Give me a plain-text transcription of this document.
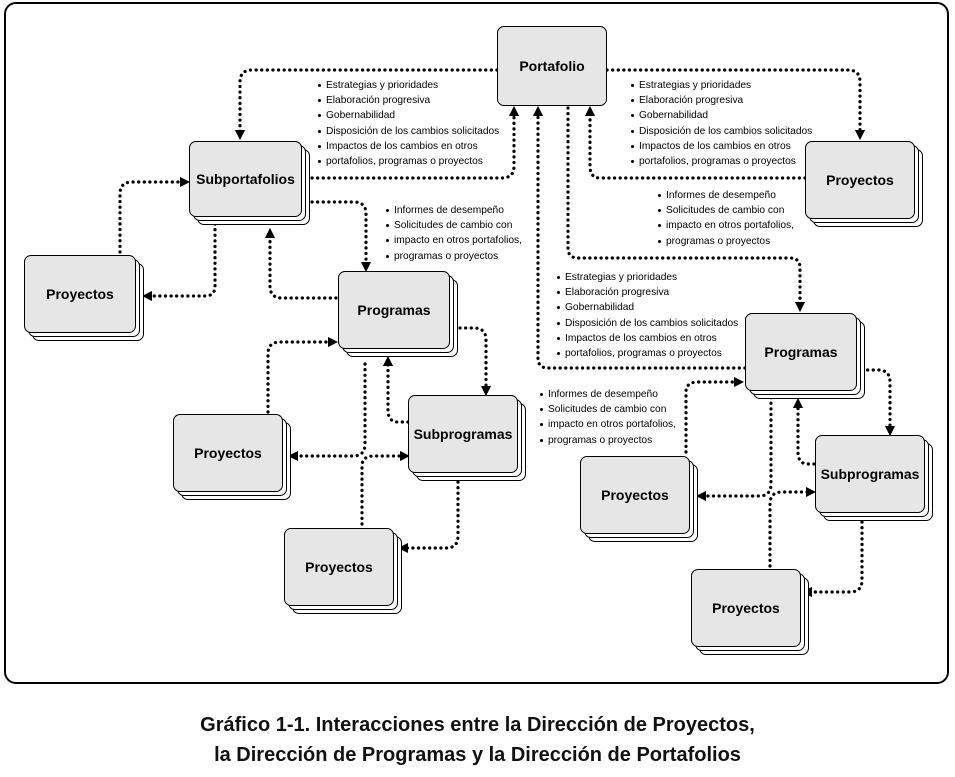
Portafolio
Subportafolios	Proyectos
Proyectos
Programas
Proyectos
Subprogramas
Proyectos
Programas
Proyectos
Subprogramas
Proyectos
Estrategias y prioridades
Elaboración progresiva
Gobernabilidad
Disposición de los cambios solicitados
Impactos de los cambios en otros
portafolios, programas o proyectos
Estrategias y prioridades
Elaboración progresiva
Gobernabilidad
Disposición de los cambios solicitados
Impactos de los cambios en otros
portafolios, programas o proyectos
Informes de desempeño
Solicitudes de cambio con
impacto en otros portafolios,
programas o proyectos
Informes de desempeño
Solicitudes de cambio con
impacto en otros portafolios,
programas o proyectos
Estrategias y prioridades
Elaboración progresiva
Gobernabilidad
Disposición de los cambios solicitados
Impactos de los cambios en otros
portafolios, programas o proyectos
Informes de desempeño
Solicitudes de cambio con
impacto en otros portafolios,
programas o proyectos
Gráfico 1-1. Interacciones entre la Dirección de Proyectos,
la Dirección de Programas y la Dirección de Portafolios
